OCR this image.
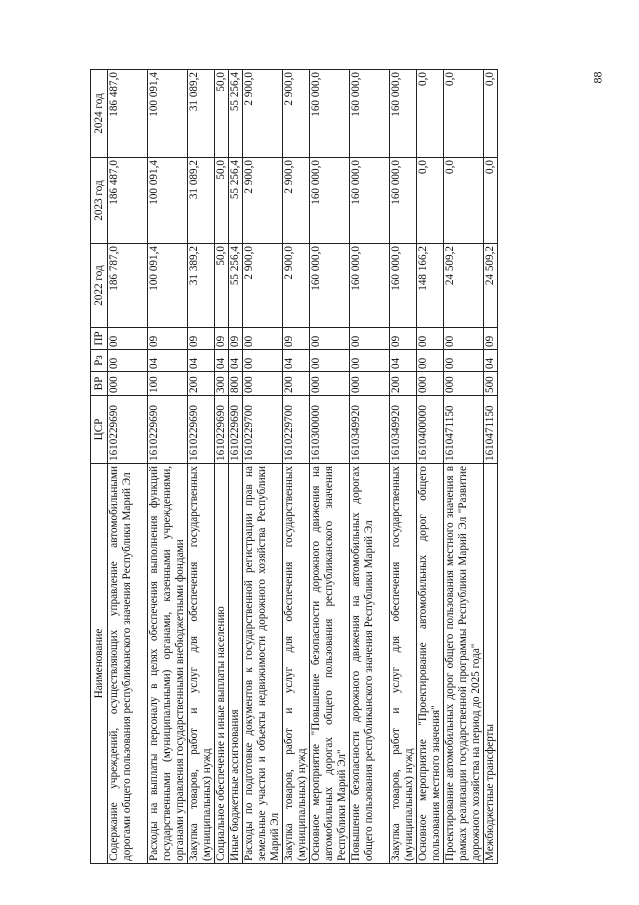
88
Наименование	ЦСР	ВР	Рз	ПР	2022 год	2023 год	2024 год
Содержание учреждений, осуществляющих управление автомобильными дорогами общего пользования республиканского значения Республики Марий Эл	1610229690	000	00	00	186 787,0	186 487,0	186 487,0
Расходы на выплаты персоналу в целях обеспечения выполнения функций государственными (муниципальными) органами, казенными учреждениями, органами управления государственными внебюджетными фондами	1610229690	100	04	09	100 091,4	100 091,4	100 091,4
Закупка товаров, работ и услуг для обеспечения государственных (муниципальных) нужд	1610229690	200	04	09	31 389,2	31 089,2	31 089,2
Социальное обеспечение и иные выплаты населению	1610229690	300	04	09	50,0	50,0	50,0
Иные бюджетные ассигнования	1610229690	800	04	09	55 256,4	55 256,4	55 256,4
Расходы по подготовке документов к государственной регистрации прав на земельные участки и объекты недвижимости дорожного хозяйства Республики Марий Эл	1610229700	000	00	00	2 900,0	2 900,0	2 900,0
Закупка товаров, работ и услуг для обеспечения государственных (муниципальных) нужд	1610229700	200	04	09	2 900,0	2 900,0	2 900,0
Основное мероприятие "Повышение безопасности дорожного движения на автомобильных дорогах общего пользования республиканского значения Республики Марий Эл"	1610300000	000	00	00	160 000,0	160 000,0	160 000,0
Повышение безопасности дорожного движения на автомобильных дорогах общего пользования республиканского значения Республики Марий Эл	1610349920	000	00	00	160 000,0	160 000,0	160 000,0
Закупка товаров, работ и услуг для обеспечения государственных (муниципальных) нужд	1610349920	200	04	09	160 000,0	160 000,0	160 000,0
Основное мероприятие "Проектирование автомобильных дорог общего пользования местного значения"	1610400000	000	00	00	148 166,2	0,0	0,0
Проектирование автомобильных дорог общего пользования местного значения в рамках реализации государственной программы Республики Марий Эл "Развитие дорожного хозяйства на период до 2025 года"	1610471150	000	00	00	24 509,2	0,0	0,0
Межбюджетные трансферты	1610471150	500	04	09	24 509,2	0,0	0,0
